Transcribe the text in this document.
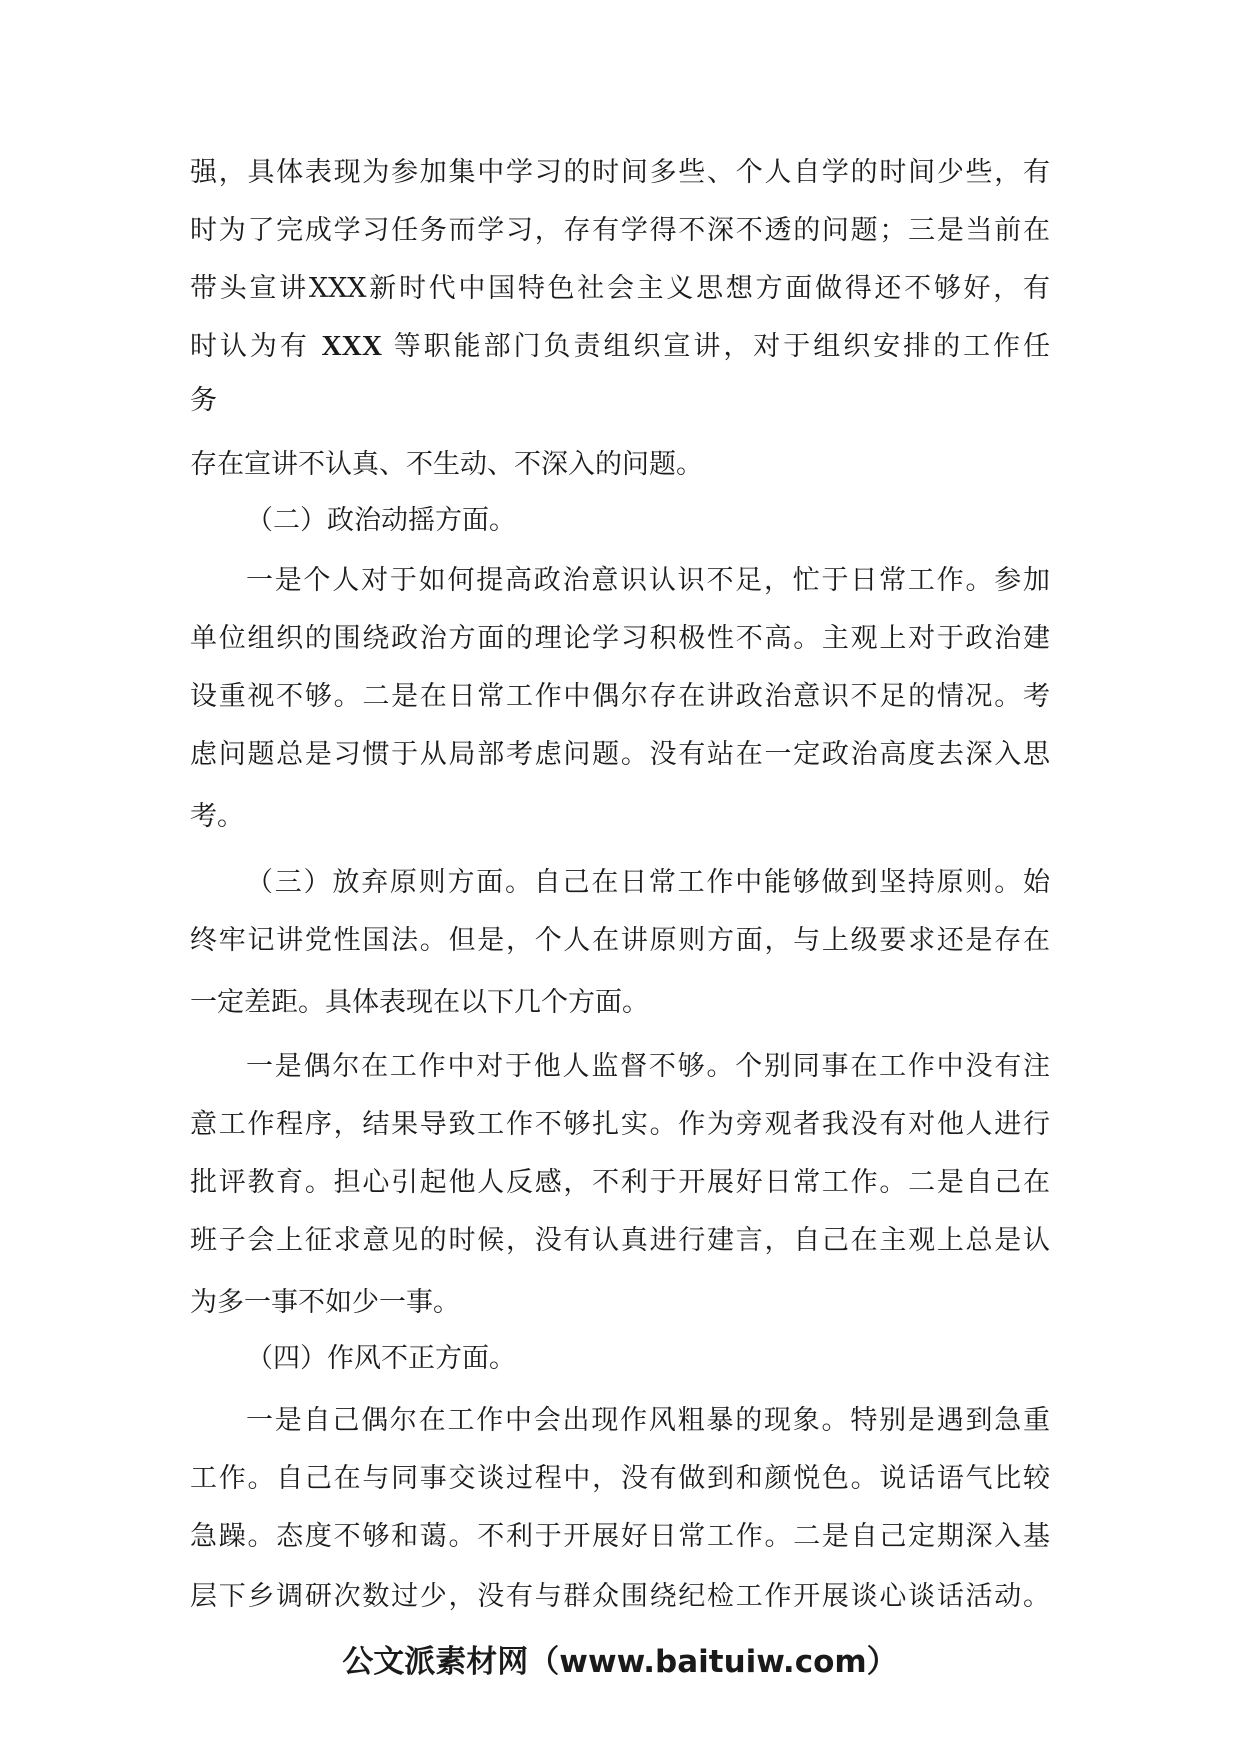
强，具体表现为参加集中学习的时间多些、个人自学的时间少些，有
时为了完成学习任务而学习，存有学得不深不透的问题；三是当前在
带头宣讲XXX新时代中国特色社会主义思想方面做得还不够好，有
时认为有 XXX 等职能部门负责组织宣讲，对于组织安排的工作任
务
存在宣讲不认真、不生动、不深入的问题。
（二）政治动摇方面。
一是个人对于如何提高政治意识认识不足，忙于日常工作。参加
单位组织的围绕政治方面的理论学习积极性不高。主观上对于政治建
设重视不够。二是在日常工作中偶尔存在讲政治意识不足的情况。考
虑问题总是习惯于从局部考虑问题。没有站在一定政治高度去深入思
考。
（三）放弃原则方面。自己在日常工作中能够做到坚持原则。始
终牢记讲党性国法。但是，个人在讲原则方面，与上级要求还是存在
一定差距。具体表现在以下几个方面。
一是偶尔在工作中对于他人监督不够。个别同事在工作中没有注
意工作程序，结果导致工作不够扎实。作为旁观者我没有对他人进行
批评教育。担心引起他人反感，不利于开展好日常工作。二是自己在
班子会上征求意见的时候，没有认真进行建言，自己在主观上总是认
为多一事不如少一事。
（四）作风不正方面。
一是自己偶尔在工作中会出现作风粗暴的现象。特别是遇到急重
工作。自己在与同事交谈过程中，没有做到和颜悦色。说话语气比较
急躁。态度不够和蔼。不利于开展好日常工作。二是自己定期深入基
层下乡调研次数过少，没有与群众围绕纪检工作开展谈心谈话活动。
公文派素材网（www.baituiw.com）
